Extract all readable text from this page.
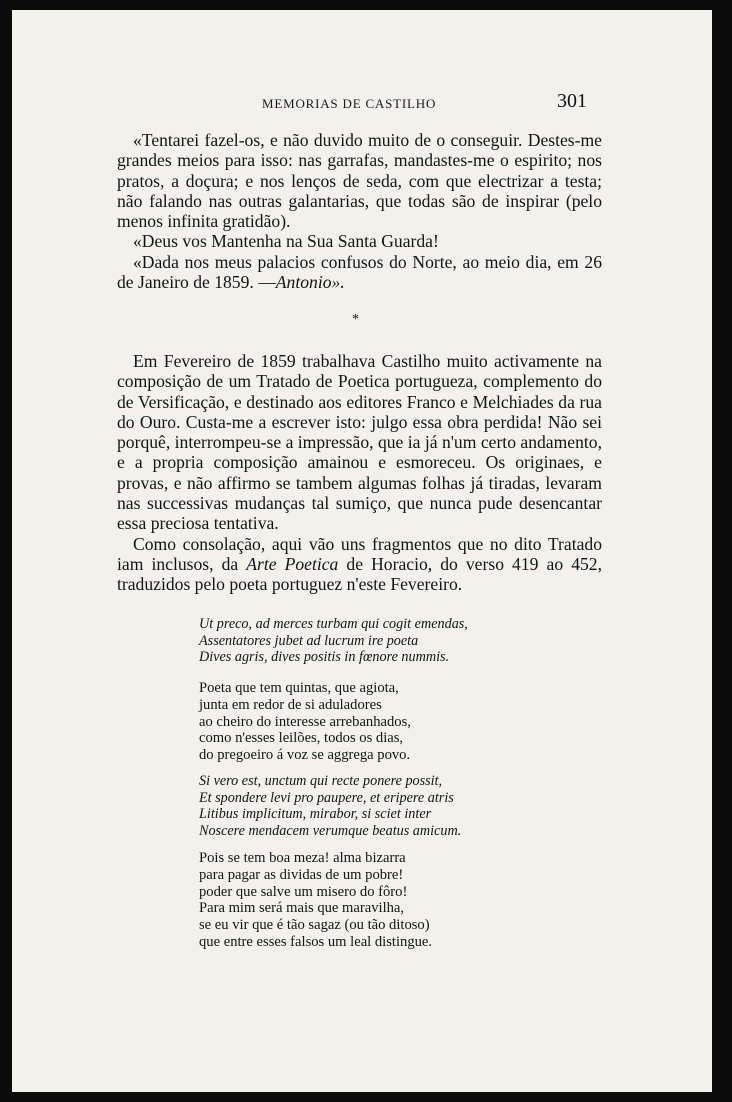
MEMORIAS DE CASTILHO	301

«Tentarei fazel-os, e não duvido muito de o conseguir. Destes-me grandes meios para isso: nas garrafas, mandastes-me o espirito; nos pratos, a doçura; e nos lenços de seda, com que electrizar a testa; não falando nas outras galantarias, que todas são de inspirar (pelo menos infinita gratidão).

«Deus vos Mantenha na Sua Santa Guarda!

«Dada nos meus palacios confusos do Norte, ao meio dia, em 26 de Janeiro de 1859. —Antonio».

*

Em Fevereiro de 1859 trabalhava Castilho muito activamente na composição de um Tratado de Poetica portugueza, complemento do de Versificação, e destinado aos editores Franco e Melchiades da rua do Ouro. Custa-me a escrever isto: julgo essa obra perdida! Não sei porquê, interrompeu-se a impressão, que ia já n'um certo andamento, e a propria composição amainou e esmoreceu. Os originaes, e provas, e não affirmo se tambem algumas folhas já tiradas, levaram nas successivas mudanças tal sumiço, que nunca pude desencantar essa preciosa tentativa.

Como consolação, aqui vão uns fragmentos que no dito Tratado iam inclusos, da Arte Poetica de Horacio, do verso 419 ao 452, traduzidos pelo poeta portuguez n'este Fevereiro.

Ut preco, ad merces turbam qui cogit emendas,
Assentatores jubet ad lucrum ire poeta
Dives agris, dives positis in fœnore nummis.
Poeta que tem quintas, que agiota,
junta em redor de si aduladores
ao cheiro do interesse arrebanhados,
como n'esses leilões, todos os dias,
do pregoeiro á voz se aggrega povo.
Si vero est, unctum qui recte ponere possit,
Et spondere levi pro paupere, et eripere atris
Litibus implicitum, mirabor, si sciet inter
Noscere mendacem verumque beatus amicum.
Pois se tem boa meza! alma bizarra
para pagar as dividas de um pobre!
poder que salve um misero do fôro!
Para mim será mais que maravilha,
se eu vir que é tão sagaz (ou tão ditoso)
que entre esses falsos um leal distingue.
